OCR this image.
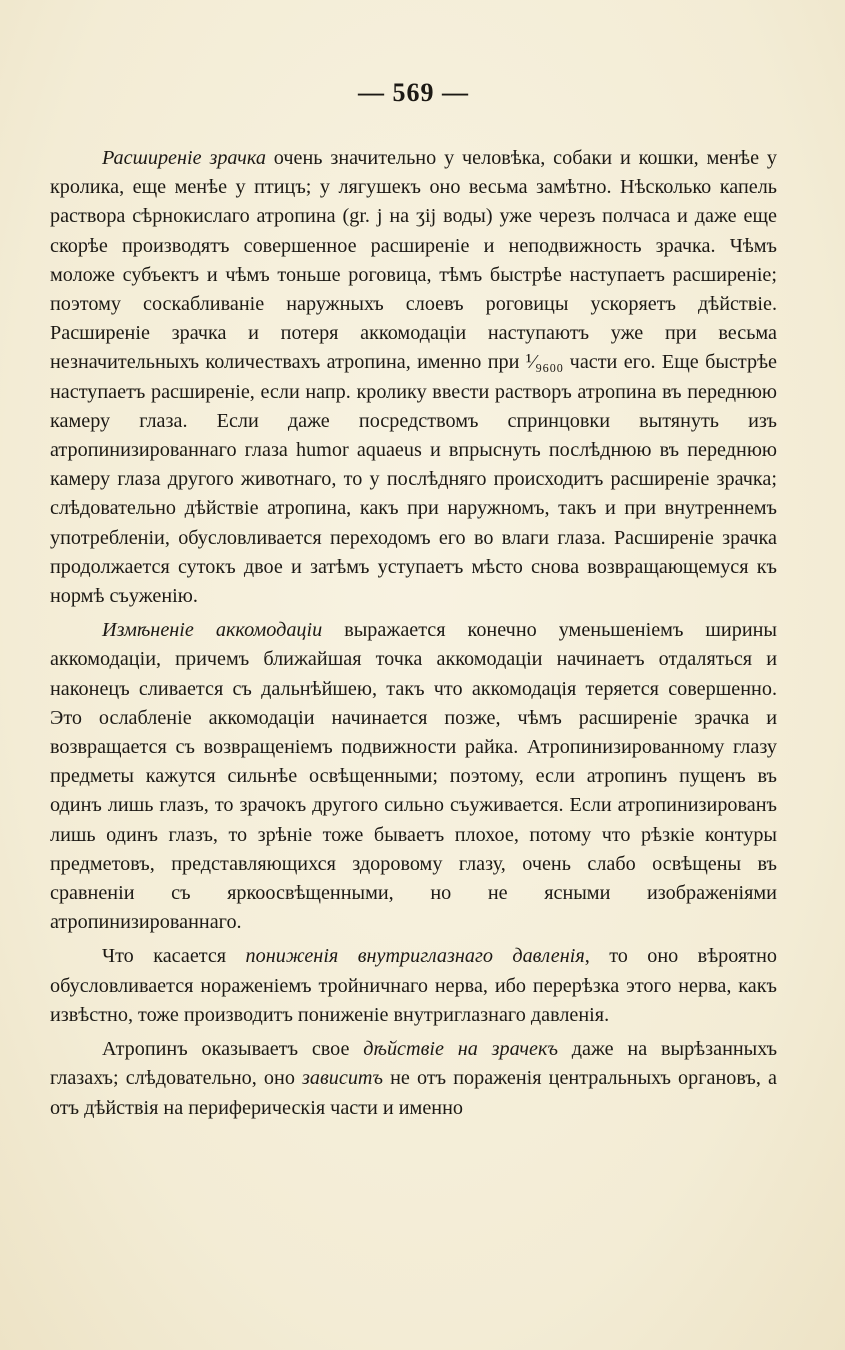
— 569 —

Расширеніе зрачка очень значительно у человѣка, собаки и кошки, менѣе у кролика, еще менѣе у птицъ; у лягушекъ оно весьма замѣтно. Нѣсколько капель раствора сѣрнокислаго атропина (gr. j на ʒij воды) уже черезъ полчаса и даже еще скорѣе производятъ совершенное расширеніе и неподвижность зрачка. Чѣмъ моложе субъектъ и чѣмъ тоньше роговица, тѣмъ быстрѣе наступаетъ расширеніе; поэтому соскабливаніе наружныхъ слоевъ роговицы ускоряетъ дѣйствіе. Расширеніе зрачка и потеря аккомодаціи наступаютъ уже при весьма незначительныхъ количествахъ атропина, именно при ¹⁄₉₆₀₀ части его. Еще быстрѣе наступаетъ расширеніе, если напр. кролику ввести растворъ атропина въ переднюю камеру глаза. Если даже посредствомъ спринцовки вытянуть изъ атропинизированнаго глаза humor aquaeus и впрыснуть послѣднюю въ переднюю камеру глаза другого животнаго, то у послѣдняго происходитъ расширеніе зрачка; слѣдовательно дѣйствіе атропина, какъ при наружномъ, такъ и при внутреннемъ употребленіи, обусловливается переходомъ его во влаги глаза. Расширеніе зрачка продолжается сутокъ двое и затѣмъ уступаетъ мѣсто снова возвращающемуся къ нормѣ съуженію.

Измѣненіе аккомодаціи выражается конечно уменьшеніемъ ширины аккомодаціи, причемъ ближайшая точка аккомодаціи начинаетъ отдаляться и наконецъ сливается съ дальнѣйшею, такъ что аккомодація теряется совершенно. Это ослабленіе аккомодаціи начинается позже, чѣмъ расширеніе зрачка и возвращается съ возвращеніемъ подвижности райка. Атропинизированному глазу предметы кажутся сильнѣе освѣщенными; поэтому, если атропинъ пущенъ въ одинъ лишь глазъ, то зрачокъ другого сильно съуживается. Если атропинизированъ лишь одинъ глазъ, то зрѣніе тоже бываетъ плохое, потому что рѣзкіе контуры предметовъ, представляющихся здоровому глазу, очень слабо освѣщены въ сравненіи съ яркоосвѣщенными, но не ясными изображеніями атропинизированнаго.

Что касается пониженія внутриглазнаго давленія, то оно вѣроятно обусловливается нораженіемъ тройничнаго нерва, ибо перерѣзка этого нерва, какъ извѣстно, тоже производитъ пониженіе внутриглазнаго давленія.

Атропинъ оказываетъ свое дѣйствіе на зрачекъ даже на вырѣзанныхъ глазахъ; слѣдовательно, оно зависитъ не отъ пораженія центральныхъ органовъ, а отъ дѣйствія на периферическія части и именно
